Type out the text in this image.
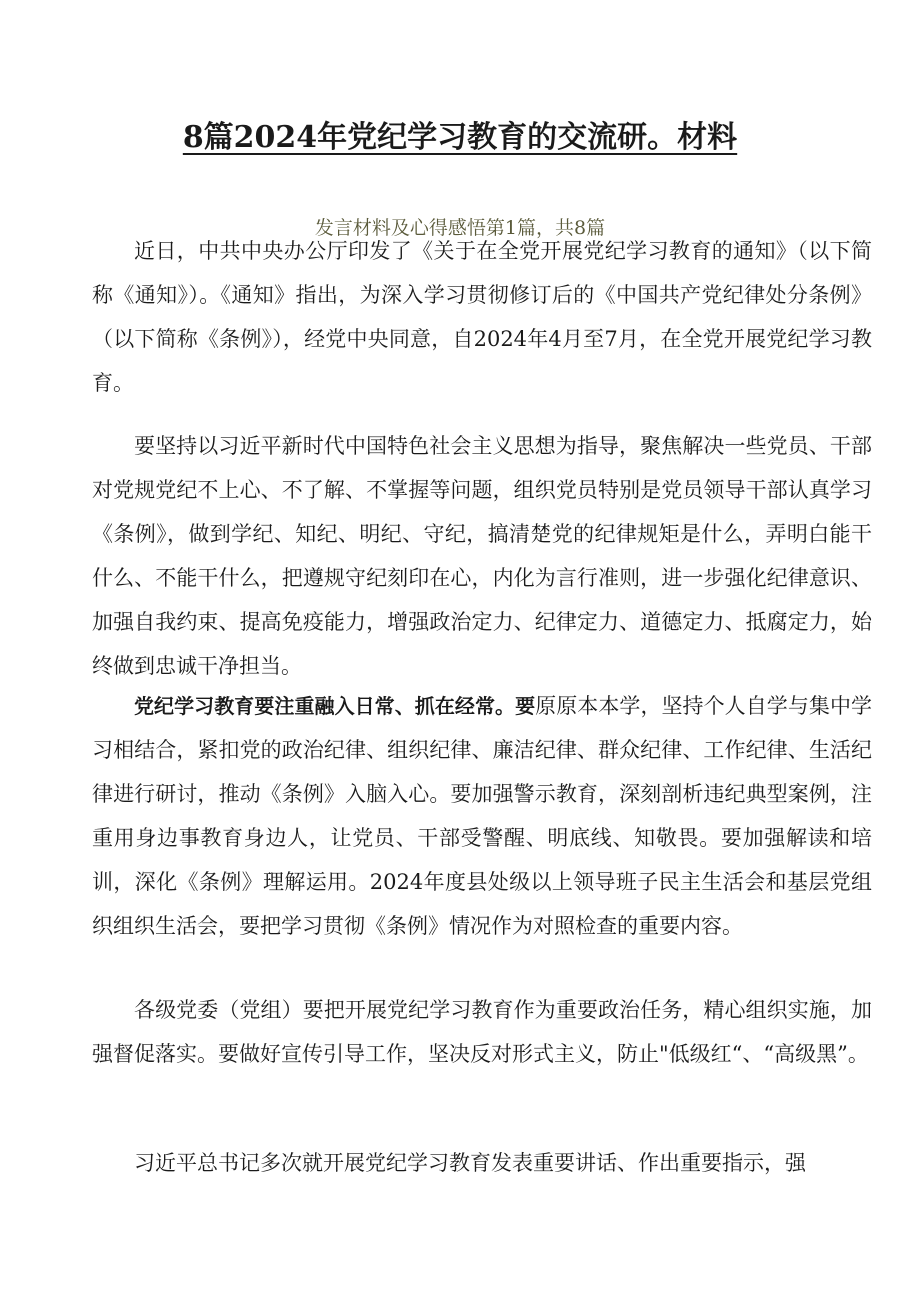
8篇2024年党纪学习教育的交流研。材料
发言材料及心得感悟第1篇，共8篇

近日，中共中央办公厅印发了《关于在全党开展党纪学习教育的通知》（以下简称《通知》）。《通知》指出，为深入学习贯彻修订后的《中国共产党纪律处分条例》（以下简称《条例》），经党中央同意，自2024年4月至7月，在全党开展党纪学习教育。

要坚持以习近平新时代中国特色社会主义思想为指导，聚焦解决一些党员、干部对党规党纪不上心、不了解、不掌握等问题，组织党员特别是党员领导干部认真学习《条例》，做到学纪、知纪、明纪、守纪，搞清楚党的纪律规矩是什么，弄明白能干什么、不能干什么，把遵规守纪刻印在心，内化为言行准则，进一步强化纪律意识、加强自我约束、提高免疫能力，增强政治定力、纪律定力、道德定力、抵腐定力，始终做到忠诚干净担当。

党纪学习教育要注重融入日常、抓在经常。要原原本本学，坚持个人自学与集中学习相结合，紧扣党的政治纪律、组织纪律、廉洁纪律、群众纪律、工作纪律、生活纪律进行研讨，推动《条例》入脑入心。要加强警示教育，深刻剖析违纪典型案例，注重用身边事教育身边人，让党员、干部受警醒、明底线、知敬畏。要加强解读和培训，深化《条例》理解运用。2024年度县处级以上领导班子民主生活会和基层党组织组织生活会，要把学习贯彻《条例》情况作为对照检查的重要内容。

各级党委（党组）要把开展党纪学习教育作为重要政治任务，精心组织实施，加强督促落实。要做好宣传引导工作，坚决反对形式主义，防止"低级红“、“高级黑”。

习近平总书记多次就开展党纪学习教育发表重要讲话、作出重要指示，强
